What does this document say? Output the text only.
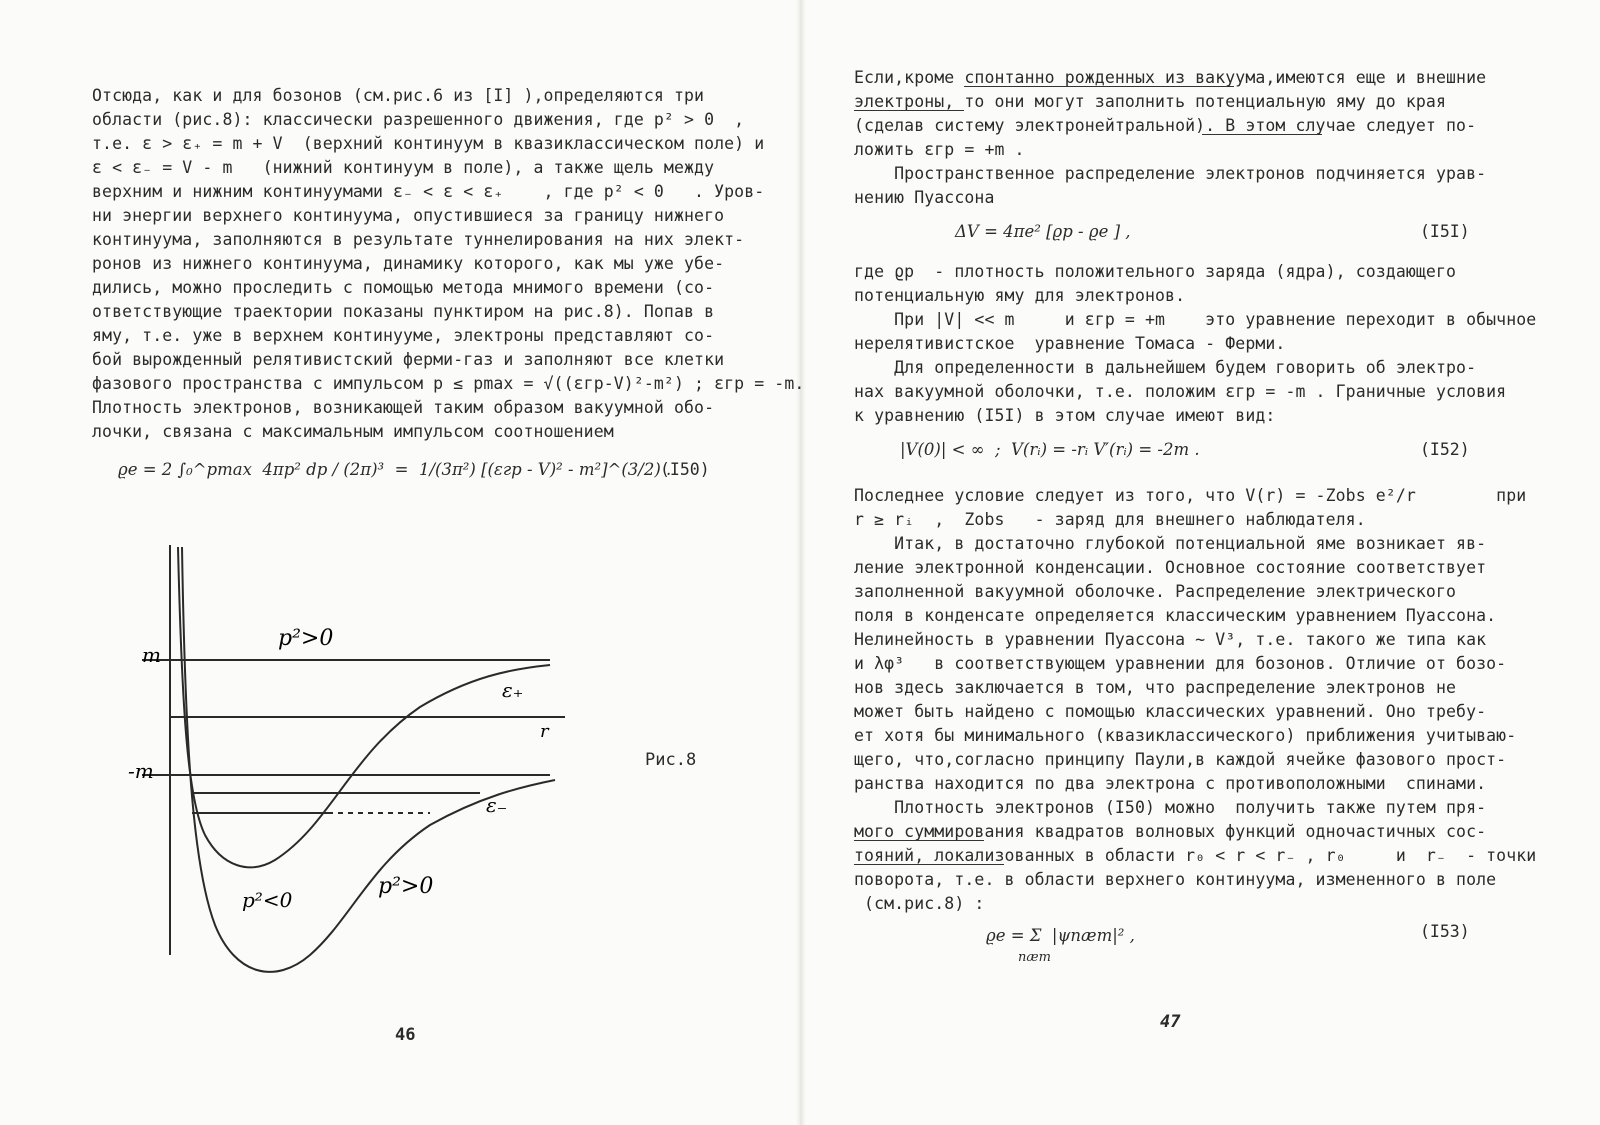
Отсюда, как и для бозонов (см.рис.6 из [I] ),определяются три
области (рис.8): классически разрешенного движения, где p² > 0  ,
т.е. ε > ε₊ = m + V  (верхний континуум в квазиклассическом поле) и
ε < ε₋ = V - m   (нижний континуум в поле), а также щель между
верхним и нижним континуумами ε₋ < ε < ε₊    , где p² < 0   . Уров-
ни энергии верхнего континуума, опустившиеся за границу нижнего
континуума, заполняются в результате туннелирования на них элект-
ронов из нижнего континуума, динамику которого, как мы уже убе-
дились, можно проследить с помощью метода мнимого времени (со-
ответствующие траектории показаны пунктиром на рис.8). Попав в
яму, т.е. уже в верхнем континууме, электроны представляют со-
бой вырожденный релятивистский ферми-газ и заполняют все клетки
фазового пространства с импульсом p ≤ pmax = √((εгр-V)²-m²) ; εгр = -m.
Плотность электронов, возникающей таким образом вакуумной обо-
лочки, связана с максимальным импульсом соотношением
ϱe = 2 ∫₀^pmax  4πp² dp / (2π)³  =  1/(3π²) [(εгр - V)² - m²]^(3/2) .
(I50)
m
-m
r
ε₊
ε₋
p²>0
p²<0
p²>0
Рис.8
46
Если,кроме спонтанно рожденных из вакуума,имеются еще и внешние
электроны, то они могут заполнить потенциальную яму до края
(сделав систему электронейтральной). В этом случае следует по-
ложить εгр = +m .
Пространственное распределение электронов подчиняется урав-
нению Пуассона
ΔV = 4πe² [ϱp - ϱe ] ,	(I5I)
где ϱp  - плотность положительного заряда (ядра), создающего
потенциальную яму для электронов.
При |V| << m     и εгр = +m    это уравнение переходит в обычное
нерелятивистское  уравнение Томаса - Ферми.
Для определенности в дальнейшем будем говорить об электро-
нах вакуумной оболочки, т.е. положим εгр = -m . Граничные условия
к уравнению (I5I) в этом случае имеют вид:
|V(0)| < ∞  ;  V(rᵢ) = -rᵢ V′(rᵢ) = -2m .	(I52)
Последнее условие следует из того, что V(r) = -Zobs e²/r        при
r ≥ rᵢ  ,  Zobs   - заряд для внешнего наблюдателя.
Итак, в достаточно глубокой потенциальной яме возникает яв-
ление электронной конденсации. Основное состояние соответствует
заполненной вакуумной оболочке. Распределение электрического
поля в конденсате определяется классическим уравнением Пуассона.
Нелинейность в уравнении Пуассона ~ V³, т.е. такого же типа как
и λφ³   в соответствующем уравнении для бозонов. Отличие от бозо-
нов здесь заключается в том, что распределение электронов не
может быть найдено с помощью классических уравнений. Оно требу-
ет хотя бы минимального (квазиклассического) приближения учитываю-
щего, что,согласно принципу Паули,в каждой ячейке фазового прост-
ранства находится по два электрона с противоположными  спинами.
Плотность электронов (I50) можно  получить также путем пря-
мого суммирования квадратов волновых функций одночастичных сос-
тояний, локализованных в области r₀ < r < r₋ , r₀     и  r₋  - точки
поворота, т.е. в области верхнего континуума, измененного в поле
(см.рис.8) :
ϱe = Σ  |ψnæm|² ,
næm
(I53)
47
